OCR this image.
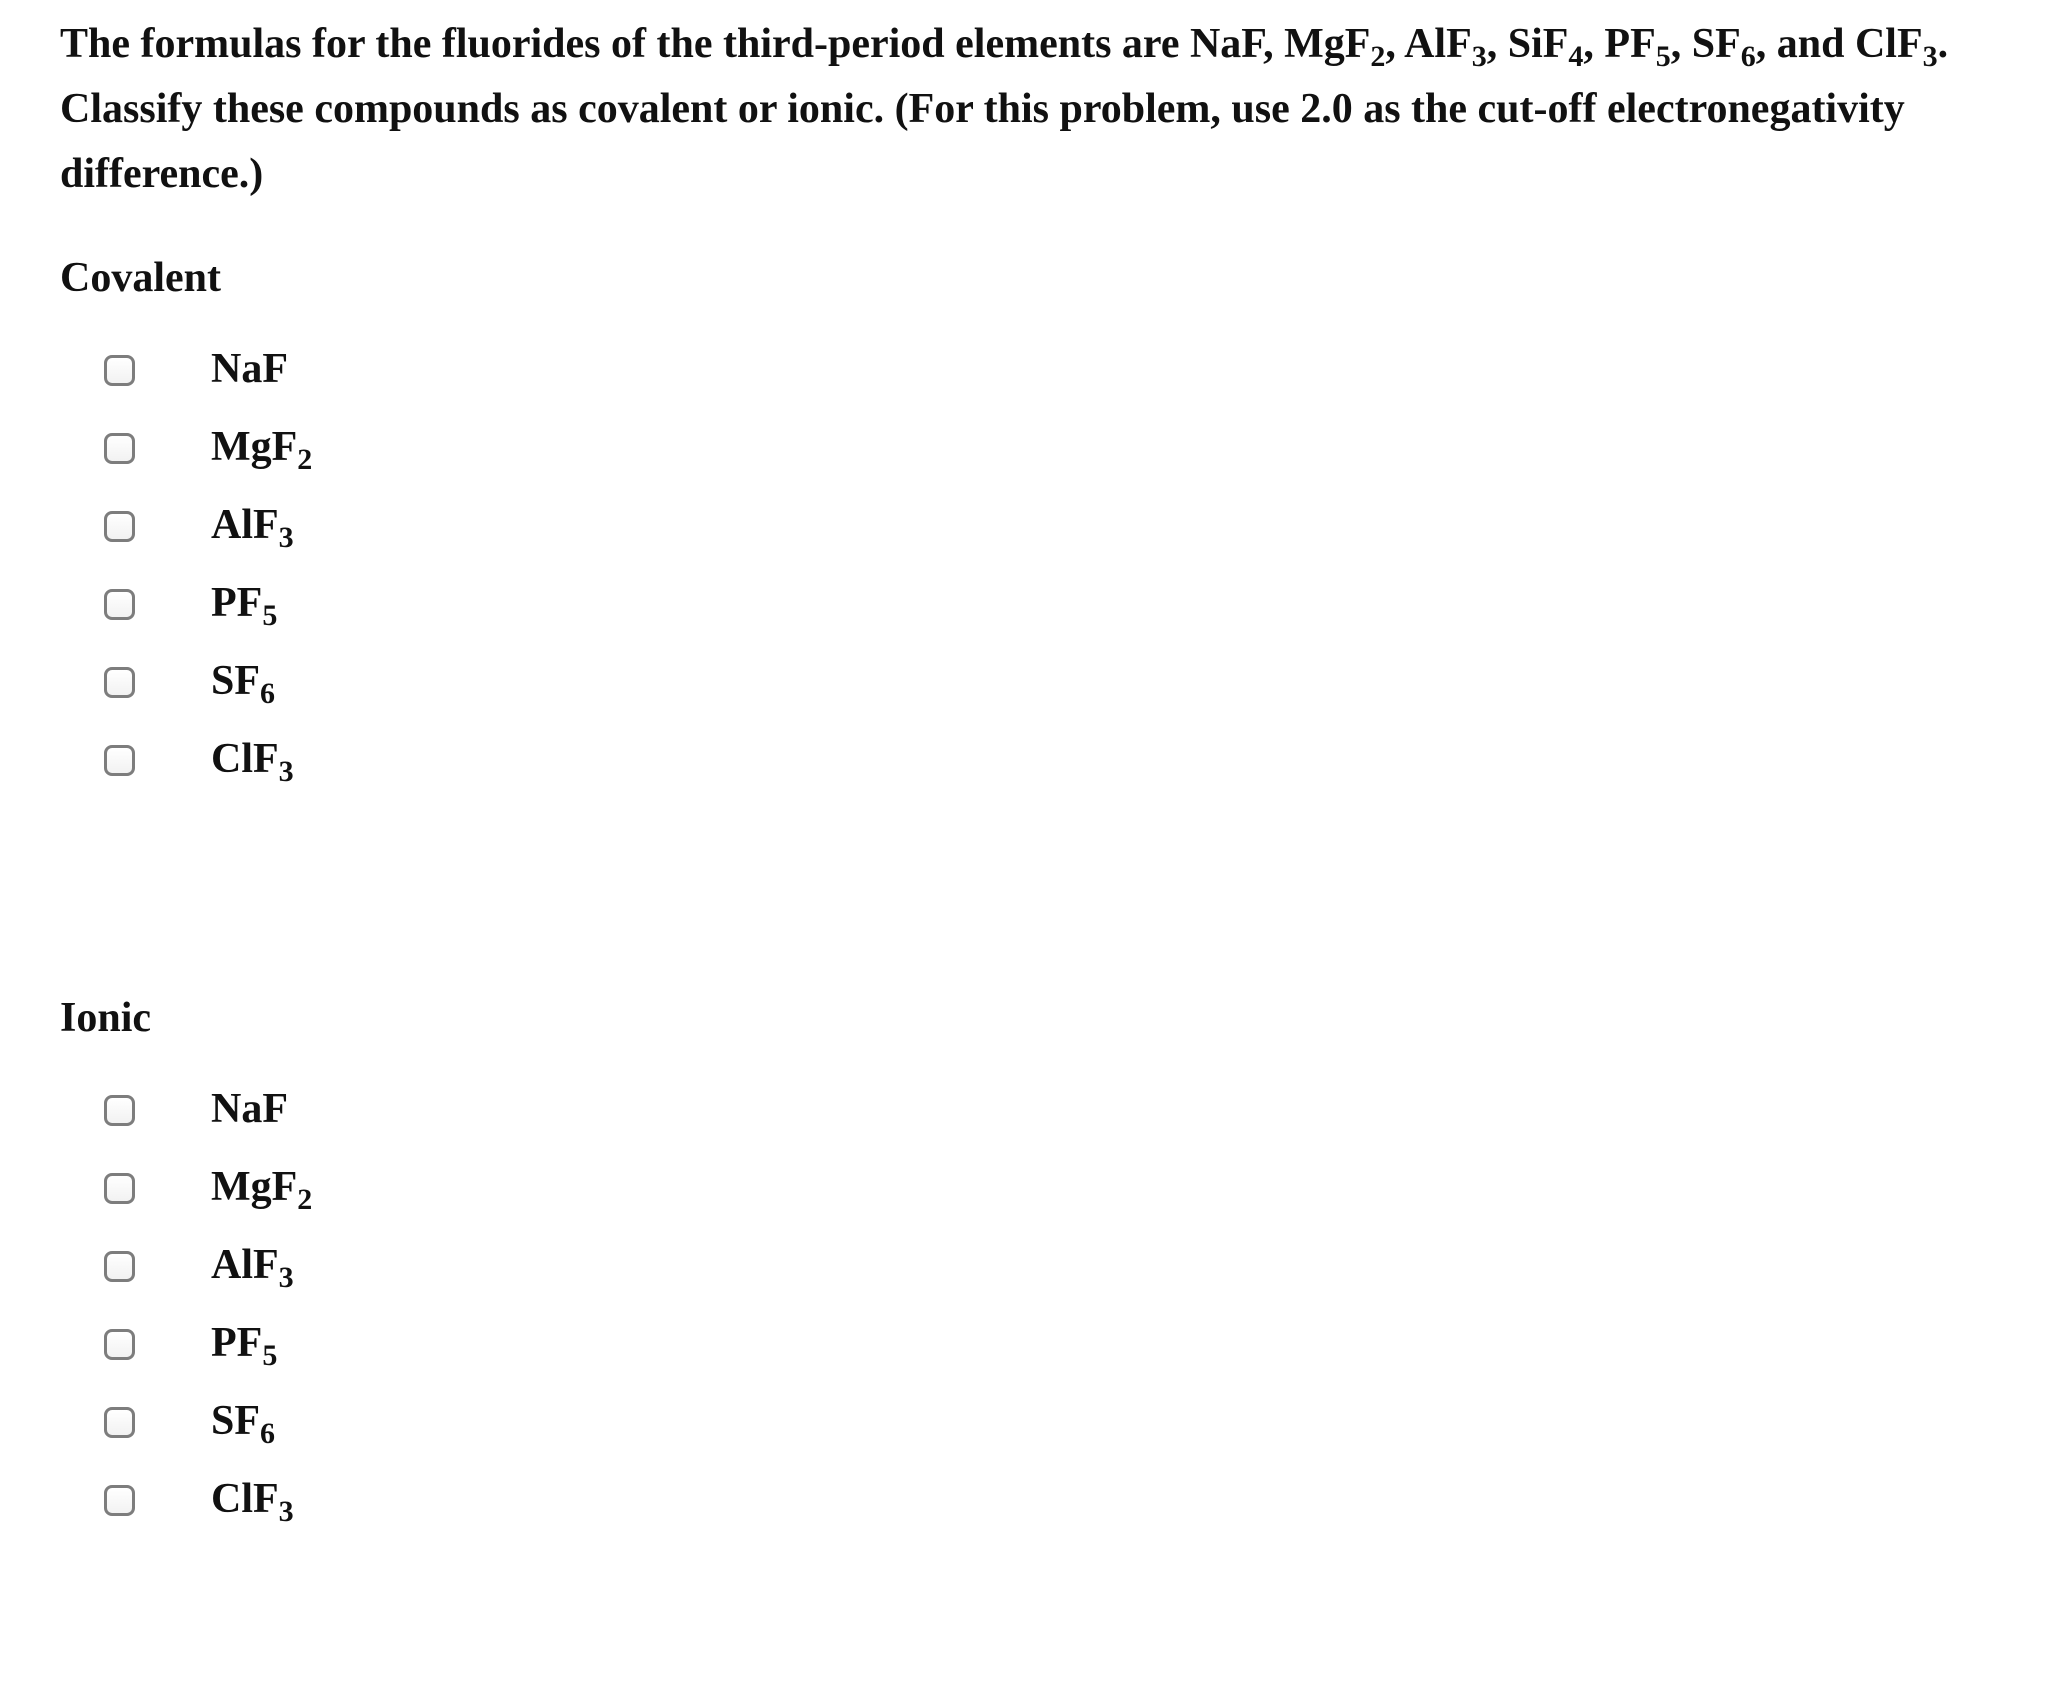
The formulas for the fluorides of the third-period elements are NaF, MgF$_2$, AlF$_3$, SiF$_4$, $PF_5$, $SF_6$, and ClF$_3$. Classify these compounds as covalent or ionic. (For this problem, use 2.0 as the cut-off electronegativity difference.)

Covalent
NaF
MgF$_2$
AlF$_3$
$PF_5$
$SF_6$
ClF$_3$
Ionic
NaF
MgF$_2$
AlF$_3$
$PF_5$
$SF_6$
ClF$_3$
